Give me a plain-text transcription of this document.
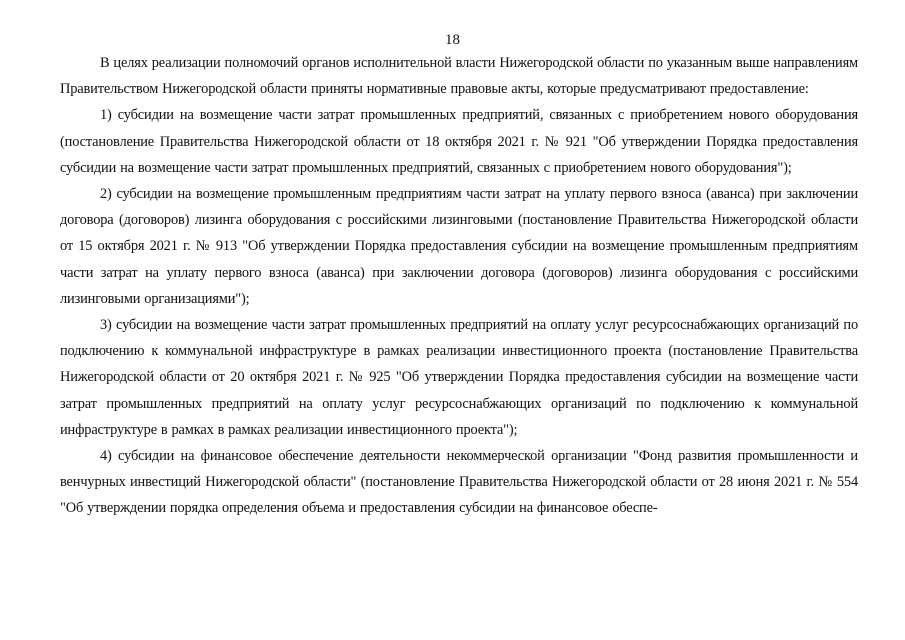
18

В целях реализации полномочий органов исполнительной власти Нижегородской области по указанным выше направлениям Правительством Нижегородской области приняты нормативные правовые акты, которые предусматривают предоставление:

1) субсидии на возмещение части затрат промышленных предприятий, связанных с приобретением нового оборудования (постановление Правительства Нижегородской области от 18 октября 2021 г. № 921 "Об утверждении Порядка предоставления субсидии на возмещение части затрат промышленных предприятий, связанных с приобретением нового оборудования");

2) субсидии на возмещение промышленным предприятиям части затрат на уплату первого взноса (аванса) при заключении договора (договоров) лизинга оборудования с российскими лизинговыми (постановление Правительства Нижегородской области от 15 октября 2021 г. № 913 "Об утверждении Порядка предоставления субсидии на возмещение промышленным предприятиям части затрат на уплату первого взноса (аванса) при заключении договора (договоров) лизинга оборудования с российскими лизинговыми организациями");

3) субсидии на возмещение части затрат промышленных предприятий на оплату услуг ресурсоснабжающих организаций по подключению к коммунальной инфраструктуре в рамках реализации инвестиционного проекта (постановление Правительства Нижегородской области от 20 октября 2021 г. № 925 "Об утверждении Порядка предоставления субсидии на возмещение части затрат промышленных предприятий на оплату услуг ресурсоснабжающих организаций по подключению к коммунальной инфраструктуре в рамках в рамках реализации инвестиционного проекта");

4) субсидии на финансовое обеспечение деятельности некоммерческой организации "Фонд развития промышленности и венчурных инвестиций Нижегородской области" (постановление Правительства Нижегородской области от 28 июня 2021 г. № 554 "Об утверждении порядка определения объема и предоставления субсидии на финансовое обеспе-
